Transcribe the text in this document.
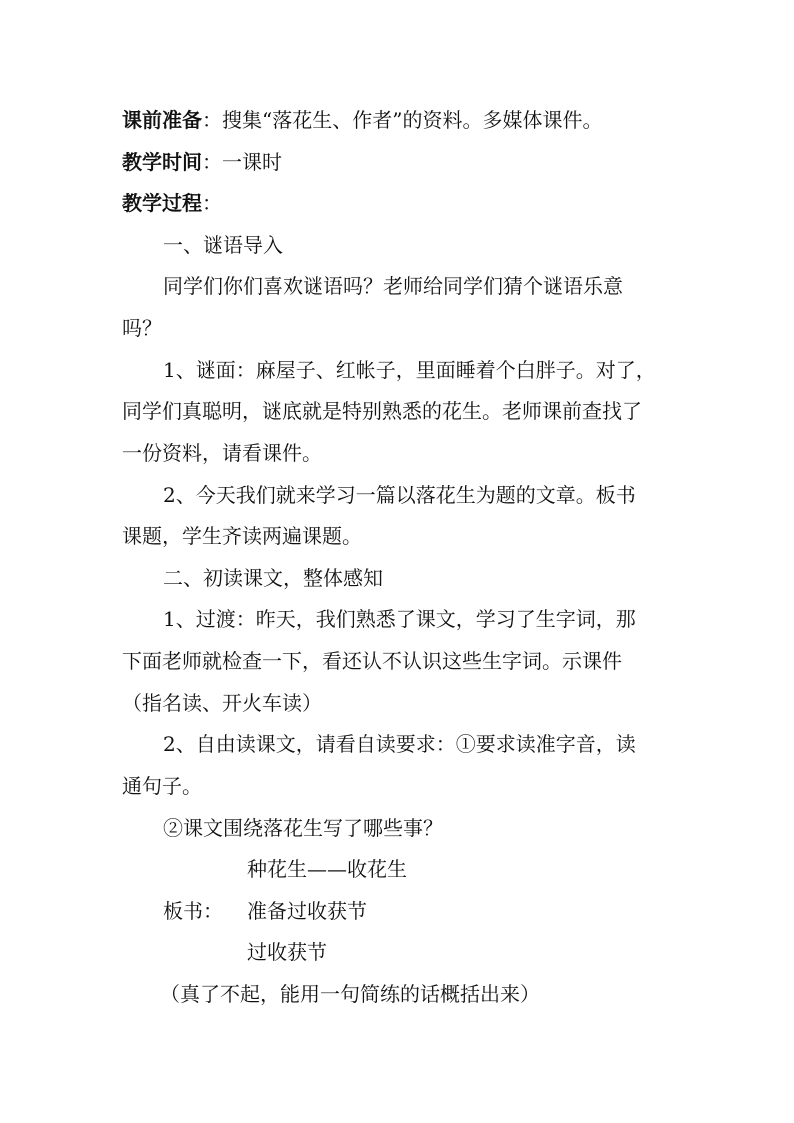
课前准备：搜集“落花生、作者”的资料。多媒体课件。
教学时间：一课时
教学过程：
一、谜语导入
同学们你们喜欢谜语吗？老师给同学们猜个谜语乐意
吗？
1、谜面：麻屋子、红帐子，里面睡着个白胖子。对了，
同学们真聪明，谜底就是特别熟悉的花生。老师课前查找了
一份资料，请看课件。
2、今天我们就来学习一篇以落花生为题的文章。板书
课题，学生齐读两遍课题。
二、初读课文，整体感知
1、过渡：昨天，我们熟悉了课文，学习了生字词，那
下面老师就检查一下，看还认不认识这些生字词。示课件
（指名读、开火车读）
2、自由读课文，请看自读要求：①要求读准字音，读
通句子。
②课文围绕落花生写了哪些事？
种花生——收花生
板书： 准备过收获节
过收获节
（真了不起，能用一句简练的话概括出来）
